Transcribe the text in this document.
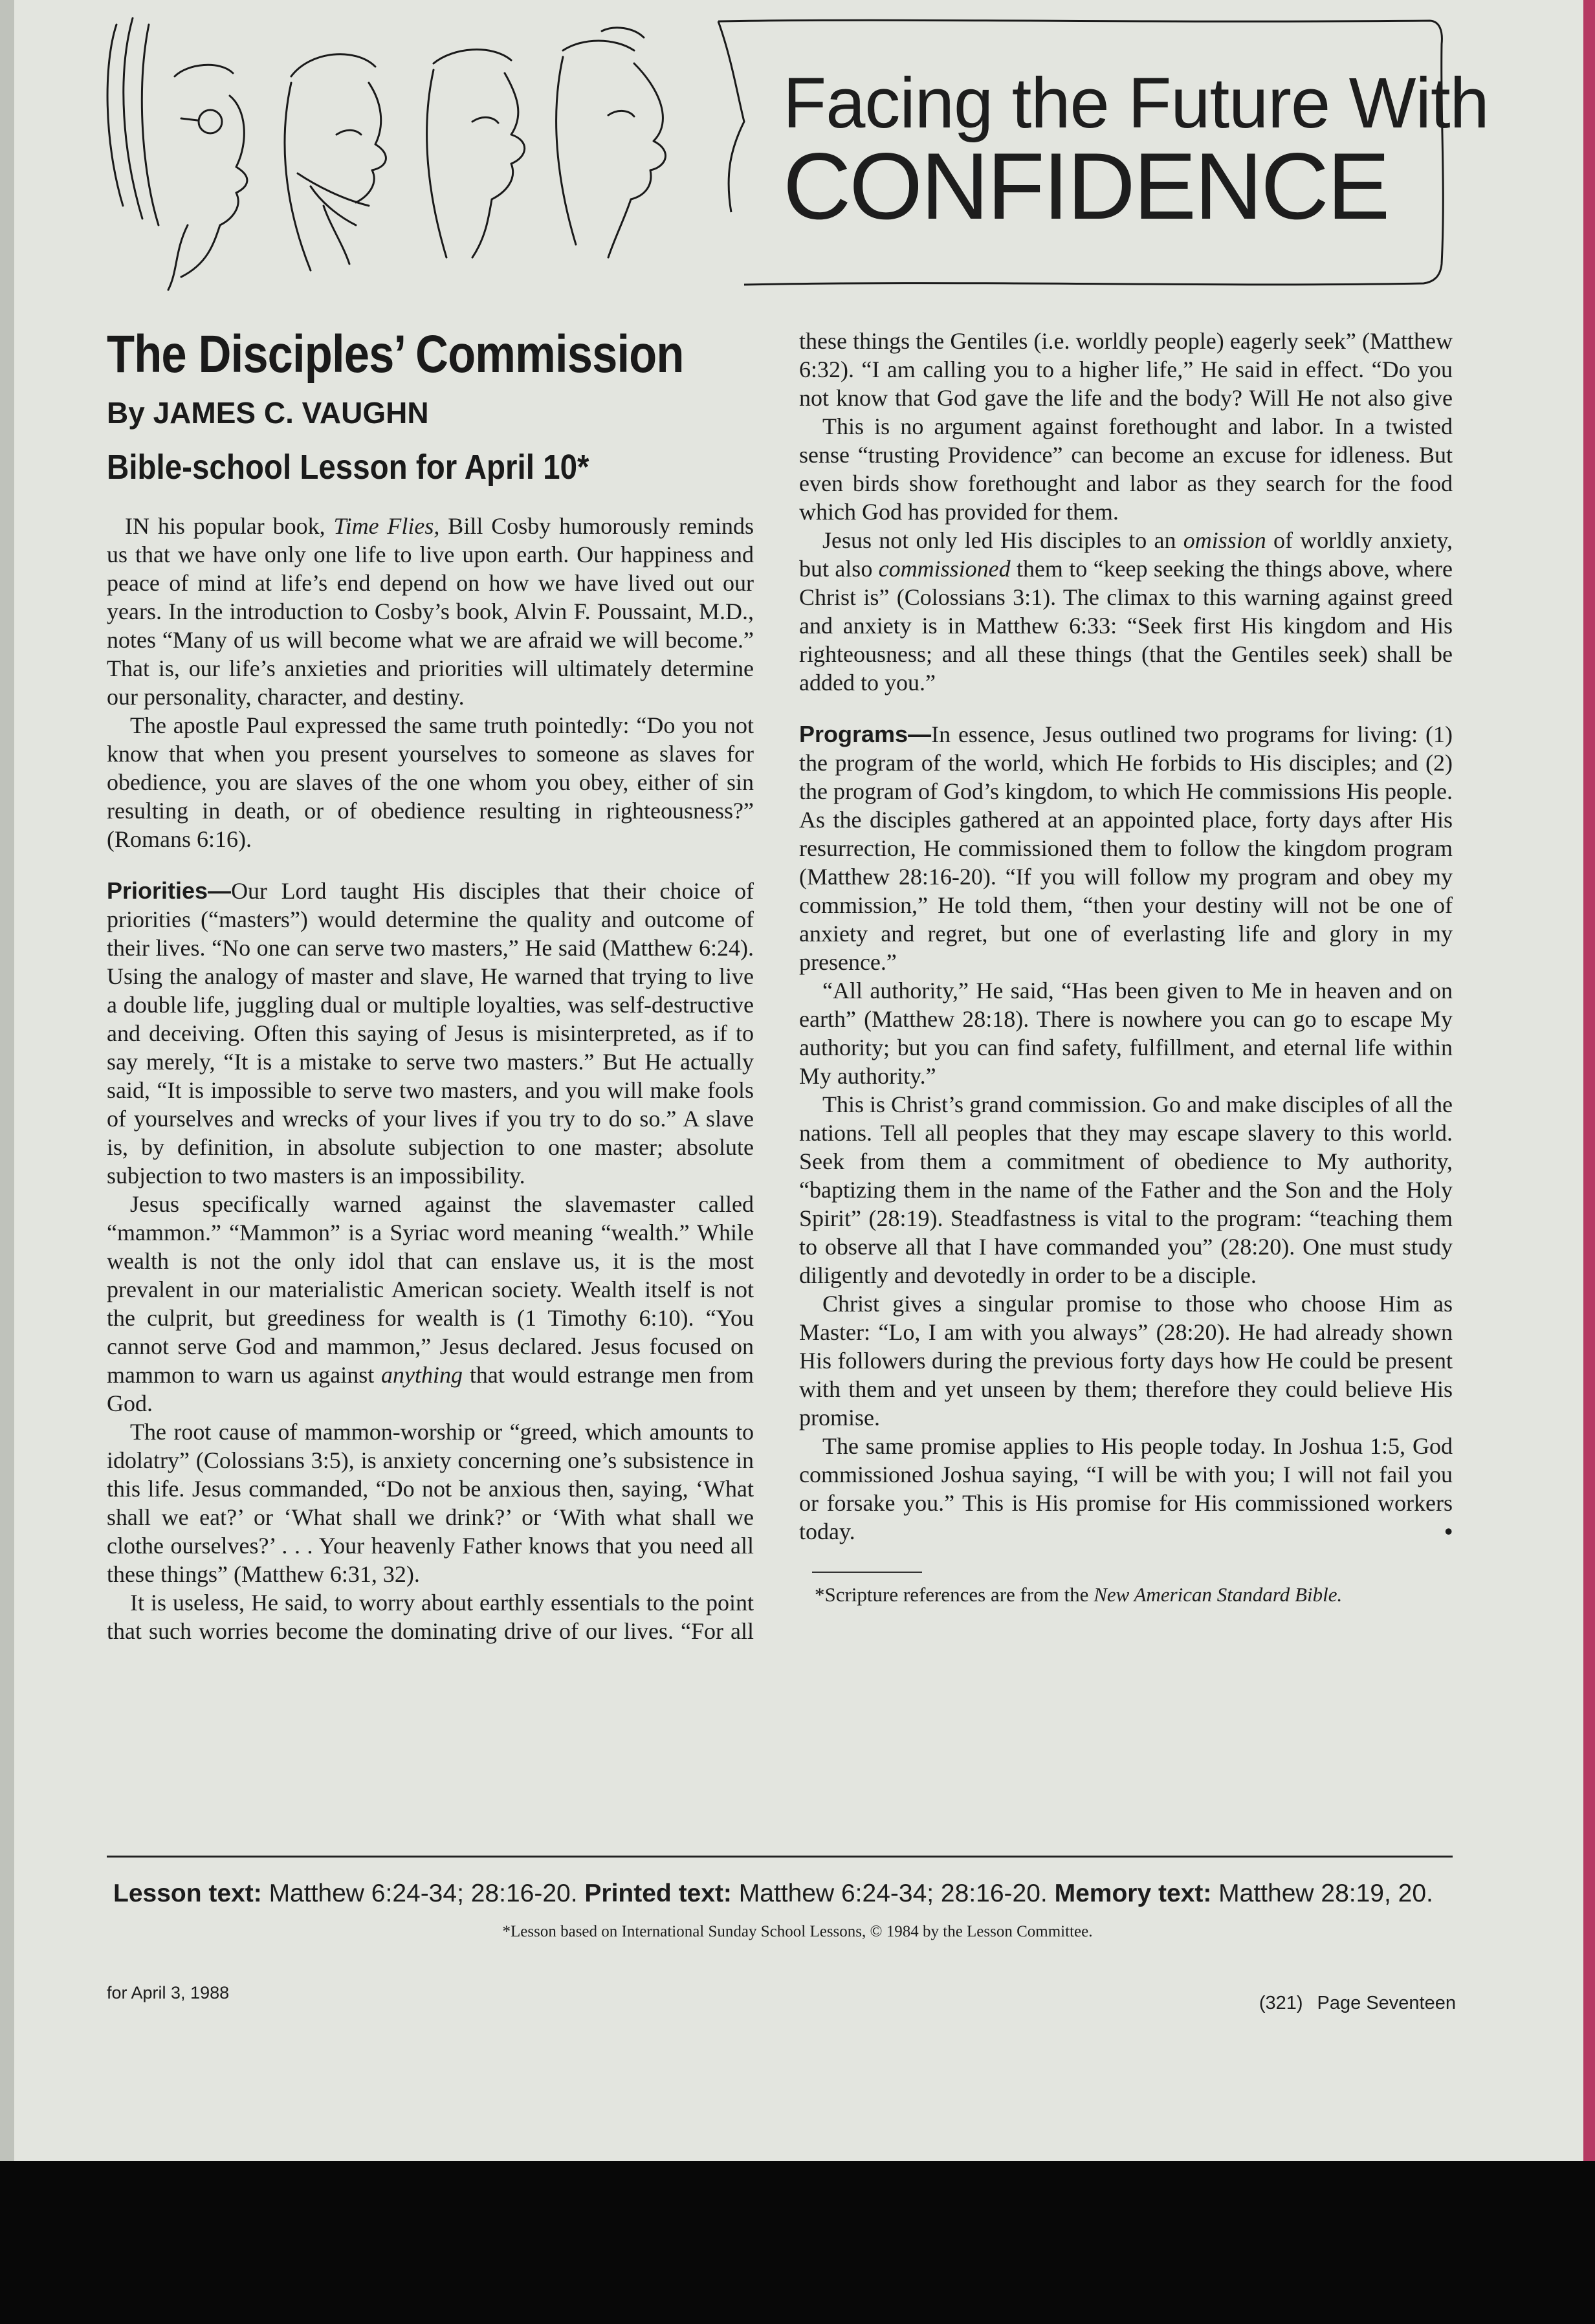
Facing the Future With
CONFIDENCE
The Disciples’ Commission
By JAMES C. VAUGHN
Bible-school Lesson for April 10*

IN his popular book, Time Flies, Bill Cosby humorously reminds us that we have only one life to live upon earth. Our happiness and peace of mind at life’s end depend on how we have lived out our years. In the introduction to Cosby’s book, Alvin F. Poussaint, M.D., notes “Many of us will become what we are afraid we will become.” That is, our life’s anxieties and priorities will ultimately determine our personality, character, and destiny.

The apostle Paul expressed the same truth pointedly: “Do you not know that when you present yourselves to someone as slaves for obedience, you are slaves of the one whom you obey, either of sin resulting in death, or of obedience resulting in righteousness?” (Romans 6:16).

Priorities—Our Lord taught His disciples that their choice of priorities (“masters”) would determine the quality and outcome of their lives. “No one can serve two masters,” He said (Matthew 6:24). Using the analogy of master and slave, He warned that trying to live a double life, juggling dual or multiple loyalties, was self-destructive and deceiving. Often this saying of Jesus is misinterpreted, as if to say merely, “It is a mistake to serve two masters.” But He actually said, “It is impossible to serve two masters, and you will make fools of yourselves and wrecks of your lives if you try to do so.” A slave is, by definition, in absolute subjection to one master; absolute subjection to two masters is an impossibility.

Jesus specifically warned against the slavemaster called “mammon.” “Mammon” is a Syriac word meaning “wealth.” While wealth is not the only idol that can enslave us, it is the most prevalent in our materialistic American society. Wealth itself is not the culprit, but greediness for wealth is (1 Timothy 6:10). “You cannot serve God and mammon,” Jesus declared. Jesus focused on mammon to warn us against anything that would estrange men from God.

The root cause of mammon-worship or “greed, which amounts to idolatry” (Colossians 3:5), is anxiety concerning one’s subsistence in this life. Jesus commanded, “Do not be anxious then, saying, ‘What shall we eat?’ or ‘What shall we drink?’ or ‘With what shall we clothe ourselves?’ . . . Your heavenly Father knows that you need all these things” (Matthew 6:31, 32).

It is useless, He said, to worry about earthly essentials to the point that such worries become the dominating drive of our lives. “For all

these things the Gentiles (i.e. worldly people) eagerly seek” (Matthew 6:32). “I am calling you to a higher life,” He said in effect. “Do you not know that God gave the life and the body? Will He not also give

This is no argument against forethought and labor. In a twisted sense “trusting Providence” can become an excuse for idleness. But even birds show forethought and labor as they search for the food which God has provided for them.

Jesus not only led His disciples to an omission of worldly anxiety, but also commissioned them to “keep seeking the things above, where Christ is” (Colossians 3:1). The climax to this warning against greed and anxiety is in Matthew 6:33: “Seek first His kingdom and His righteousness; and all these things (that the Gentiles seek) shall be added to you.”

Programs—In essence, Jesus outlined two programs for living: (1) the program of the world, which He forbids to His disciples; and (2) the program of God’s kingdom, to which He commissions His people. As the disciples gathered at an appointed place, forty days after His resurrection, He commissioned them to follow the kingdom program (Matthew 28:16-20). “If you will follow my program and obey my commission,” He told them, “then your destiny will not be one of anxiety and regret, but one of everlasting life and glory in my presence.”

“All authority,” He said, “Has been given to Me in heaven and on earth” (Matthew 28:18). There is nowhere you can go to escape My authority; but you can find safety, fulfillment, and eternal life within My authority.”

This is Christ’s grand commission. Go and make disciples of all the nations. Tell all peoples that they may escape slavery to this world. Seek from them a commitment of obedience to My authority, “baptizing them in the name of the Father and the Son and the Holy Spirit” (28:19). Steadfastness is vital to the program: “teaching them to observe all that I have commanded you” (28:20). One must study diligently and devotedly in order to be a disciple.

Christ gives a singular promise to those who choose Him as Master: “Lo, I am with you always” (28:20). He had already shown His followers during the previous forty days how He could be present with them and yet unseen by them; therefore they could believe His promise.

The same promise applies to His people today. In Joshua 1:5, God commissioned Joshua saying, “I will be with you; I will not fail you or forsake you.” This is His promise for His commissioned workers today.	•

*Scripture references are from the New American Standard Bible.

Lesson text: Matthew 6:24-34; 28:16-20. Printed text: Matthew 6:24-34; 28:16-20. Memory text: Matthew 28:19, 20.
*Lesson based on International Sunday School Lessons, © 1984 by the Lesson Committee.
for April 3, 1988	(321) Page Seventeen
